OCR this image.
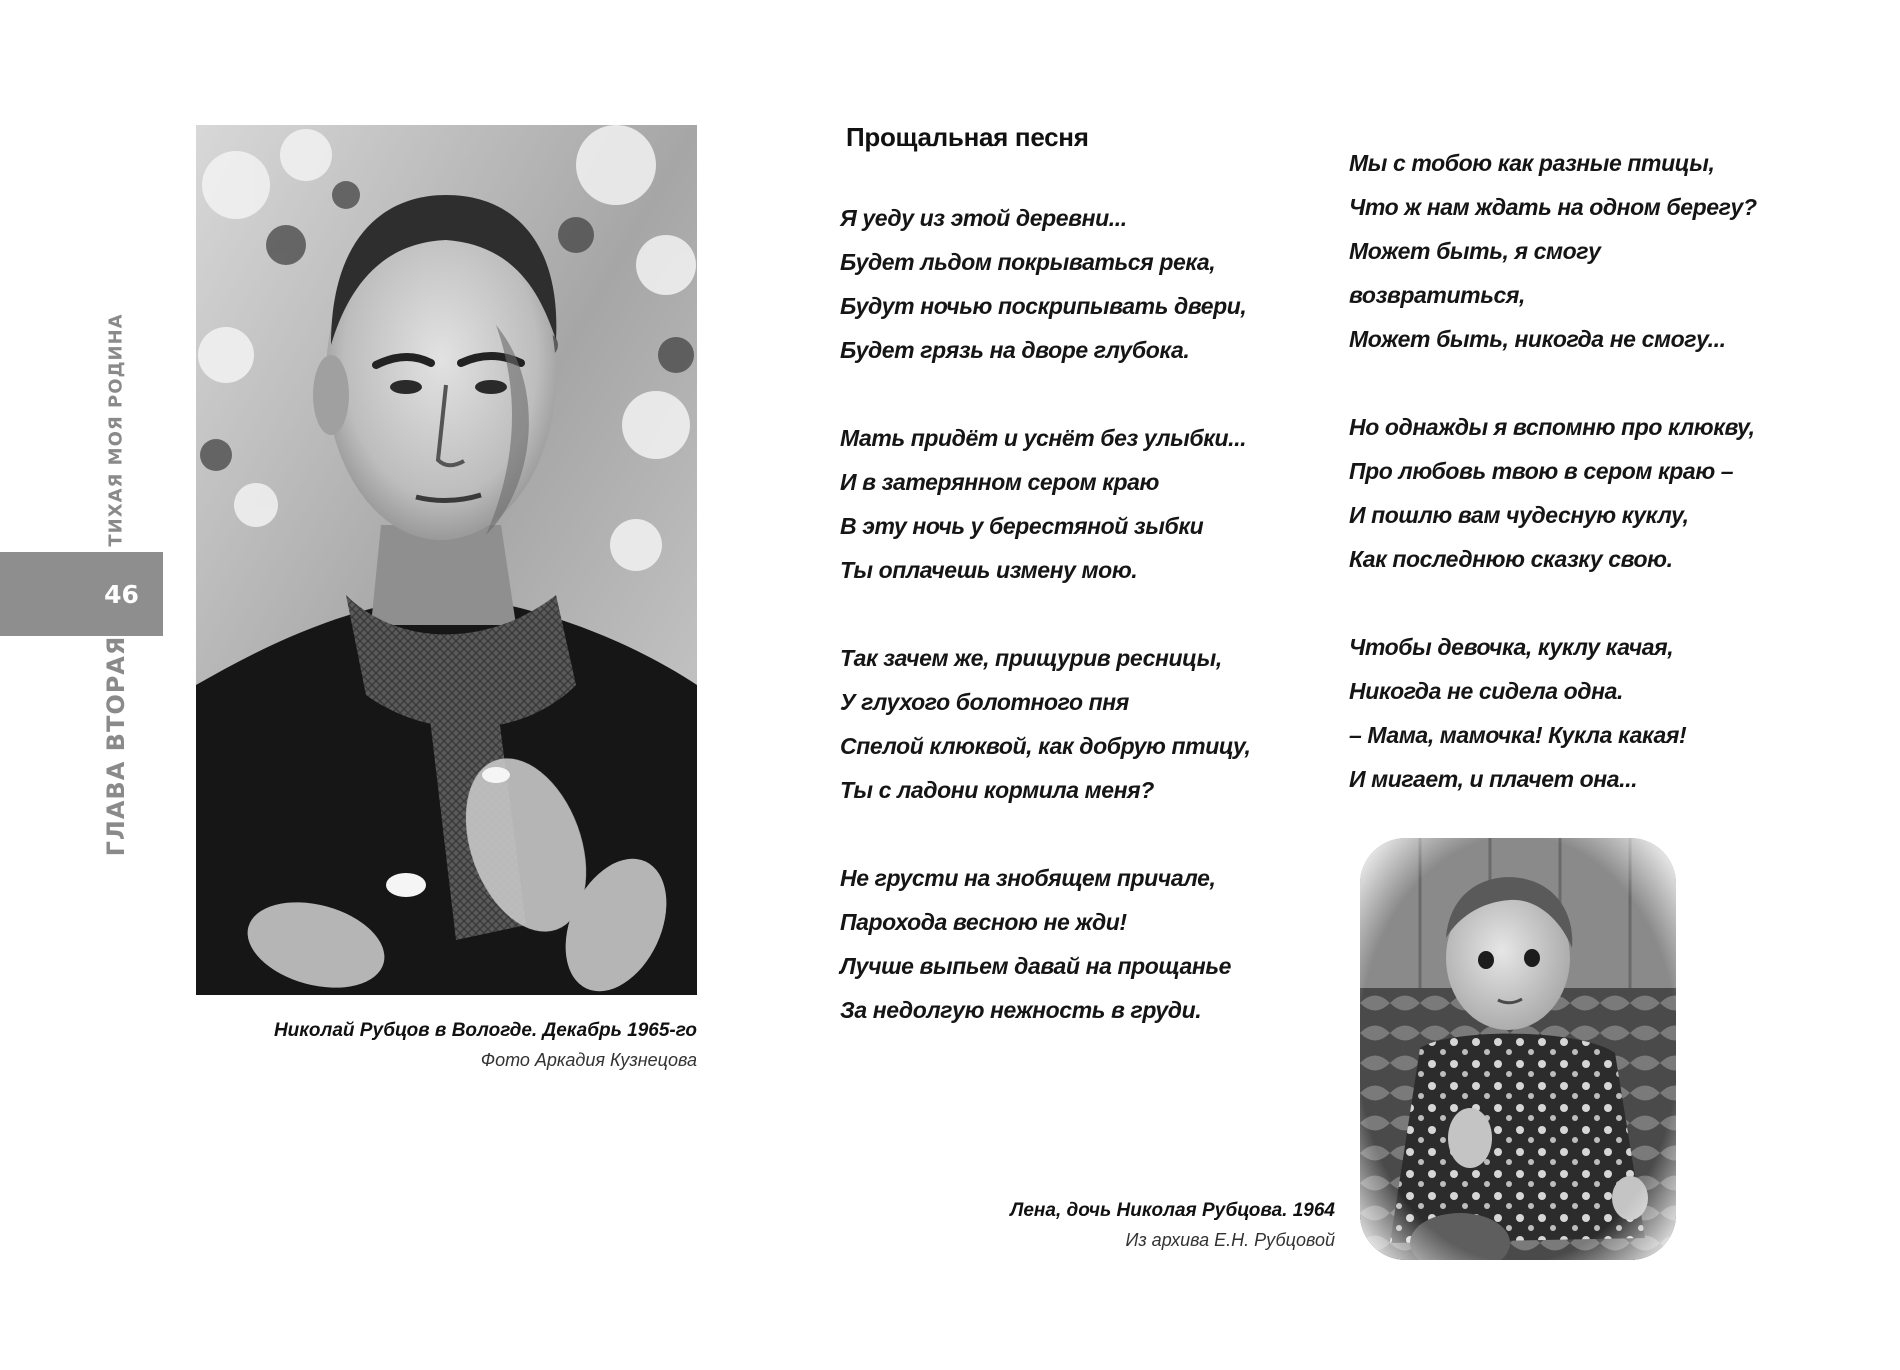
ТИХАЯ МОЯ РОДИНА
46
ГЛАВА ВТОРАЯ
Николай Рубцов в Вологде. Декабрь 1965-го
Фото Аркадия Кузнецова
Прощальная песня
Я уеду из этой деревни...
Будет льдом покрываться река,
Будут ночью поскрипывать двери,
Будет грязь на дворе глубока.
Мать придёт и уснёт без улыбки...
И в затерянном сером краю
В эту ночь у берестяной зыбки
Ты оплачешь измену мою.
Так зачем же, прищурив ресницы,
У глухого болотного пня
Спелой клюквой, как добрую птицу,
Ты с ладони кормила меня?
Не грусти на знобящем причале,
Парохода весною не жди!
Лучше выпьем давай на прощанье
За недолгую нежность в груди.
Мы с тобою как разные птицы,
Что ж нам ждать на одном берегу?
Может быть, я смогу
возвратиться,
Может быть, никогда не смогу...
Но однажды я вспомню про клюкву,
Про любовь твою в сером краю –
И пошлю вам чудесную куклу,
Как последнюю сказку свою.
Чтобы девочка, куклу качая,
Никогда не сидела одна.
– Мама, мамочка! Кукла какая!
И мигает, и плачет она...
Лена, дочь Николая Рубцова. 1964
Из архива Е.Н. Рубцовой
